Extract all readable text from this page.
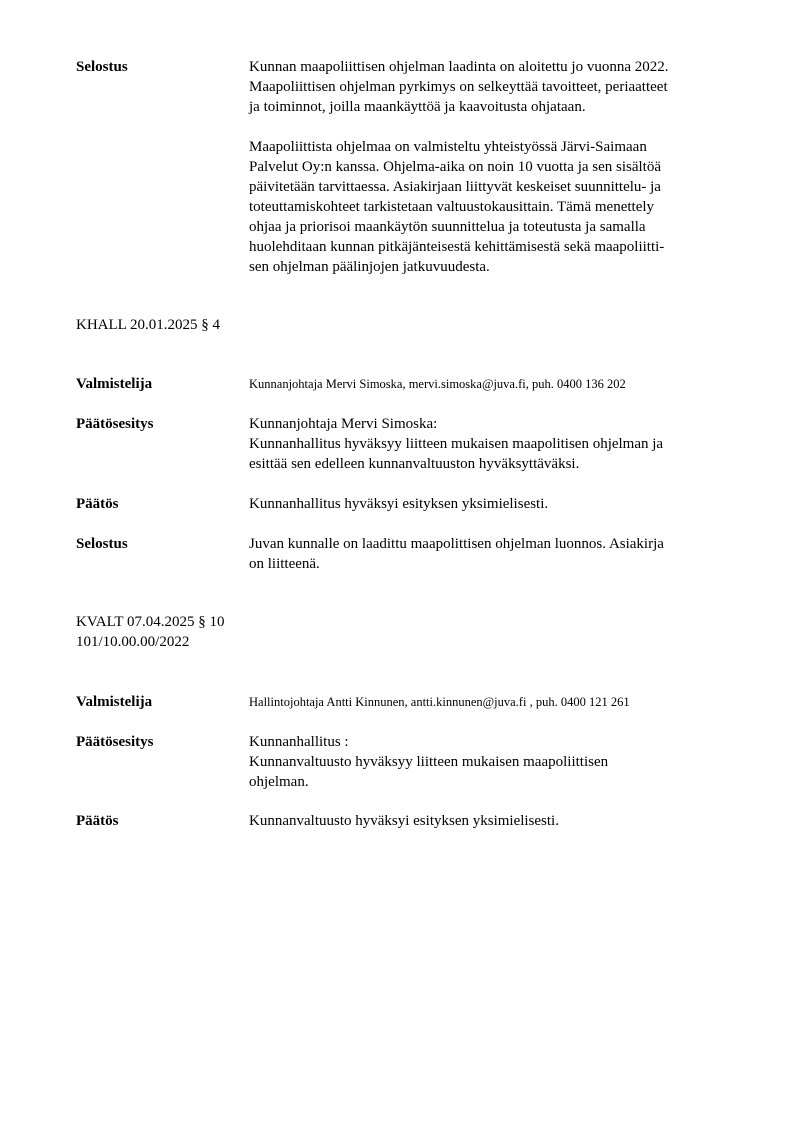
Selostus	Kunnan maapoliittisen ohjelman laadinta on aloitettu jo vuonna 2022.
Maapoliittisen ohjelman pyrkimys on selkeyttää tavoitteet, periaatteet
ja toiminnot, joilla maankäyttöä ja kaavoitusta ohjataan.
Maapoliittista ohjelmaa on valmisteltu yhteistyössä Järvi-Saimaan
Palvelut Oy:n kanssa. Ohjelma-aika on noin 10 vuotta ja sen sisältöä
päivitetään tarvittaessa. Asiakirjaan liittyvät keskeiset suunnittelu- ja
toteuttamiskohteet tarkistetaan valtuustokausittain. Tämä menettely
ohjaa ja priorisoi maankäytön suunnittelua ja toteutusta ja samalla
huolehditaan kunnan pitkäjänteisestä kehittämisestä sekä maapoliitti-
sen ohjelman päälinjojen jatkuvuudesta.
KHALL 20.01.2025 § 4
Valmistelija	Kunnanjohtaja Mervi Simoska, mervi.simoska@juva.fi, puh. 0400 136 202
Päätösesitys	Kunnanjohtaja Mervi Simoska:
Kunnanhallitus hyväksyy liitteen mukaisen maapolitisen ohjelman ja
esittää sen edelleen kunnanvaltuuston hyväksyttäväksi.
Päätös	Kunnanhallitus hyväksyi esityksen yksimielisesti.
Selostus	Juvan kunnalle on laadittu maapolittisen ohjelman luonnos. Asiakirja
on liitteenä.
KVALT 07.04.2025 § 10
101/10.00.00/2022
Valmistelija	Hallintojohtaja Antti Kinnunen, antti.kinnunen@juva.fi , puh. 0400 121 261
Päätösesitys	Kunnanhallitus :
Kunnanvaltuusto hyväksyy liitteen mukaisen maapoliittisen
ohjelman.
Päätös	Kunnanvaltuusto hyväksyi esityksen yksimielisesti.
